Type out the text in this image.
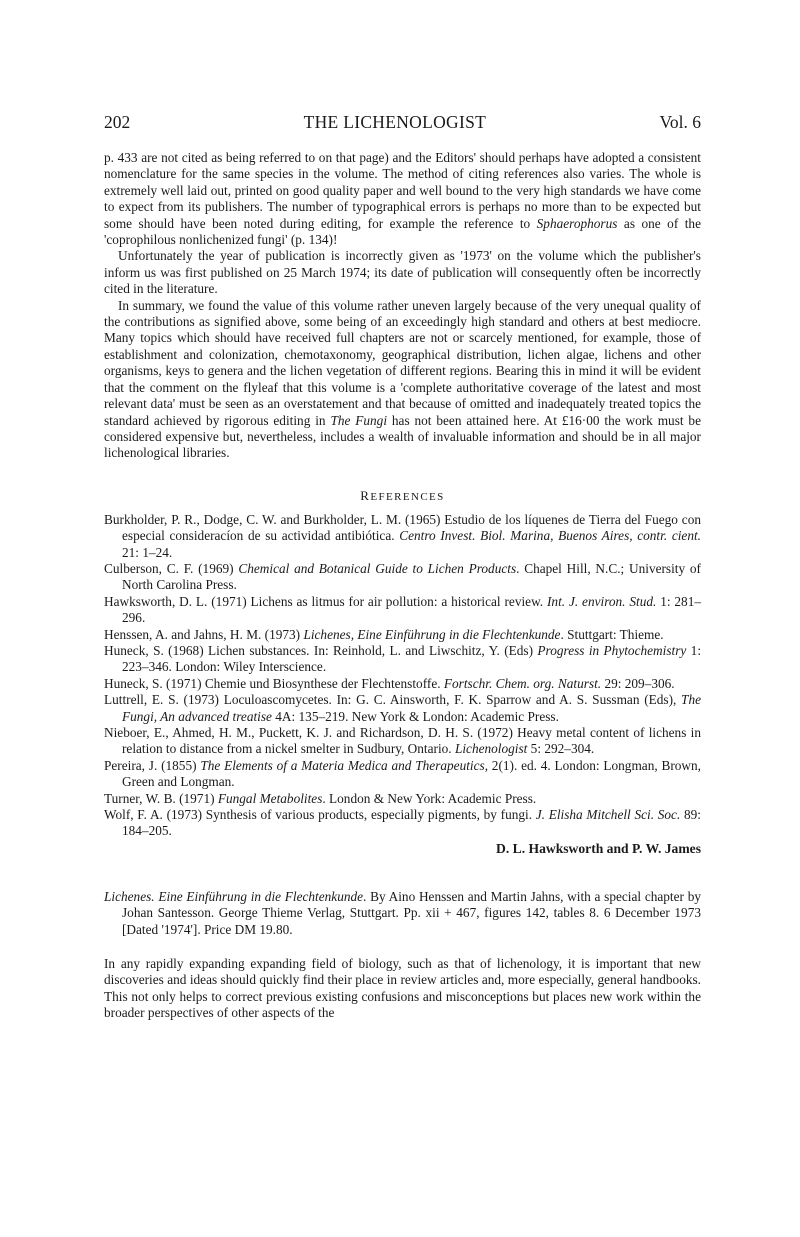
202	THE LICHENOLOGIST	Vol. 6

p. 433 are not cited as being referred to on that page) and the Editors' should perhaps have adopted a consistent nomenclature for the same species in the volume. The method of citing references also varies. The whole is extremely well laid out, printed on good quality paper and well bound to the very high standards we have come to expect from its publishers. The number of typographical errors is perhaps no more than to be expected but some should have been noted during editing, for example the reference to Sphaerophorus as one of the 'coprophilous nonlichenized fungi' (p. 134)!

Unfortunately the year of publication is incorrectly given as '1973' on the volume which the publisher's inform us was first published on 25 March 1974; its date of publication will consequently often be incorrectly cited in the literature.

In summary, we found the value of this volume rather uneven largely because of the very unequal quality of the contributions as signified above, some being of an exceedingly high standard and others at best mediocre. Many topics which should have received full chapters are not or scarcely mentioned, for example, those of establishment and colonization, chemotaxonomy, geographical distribution, lichen algae, lichens and other organisms, keys to genera and the lichen vegetation of different regions. Bearing this in mind it will be evident that the comment on the flyleaf that this volume is a 'complete authoritative coverage of the latest and most relevant data' must be seen as an overstatement and that because of omitted and inadequately treated topics the standard achieved by rigorous editing in The Fungi has not been attained here. At £16·00 the work must be considered expensive but, nevertheless, includes a wealth of invaluable information and should be in all major lichenological libraries.

REFERENCES
Burkholder, P. R., Dodge, C. W. and Burkholder, L. M. (1965) Estudio de los líquenes de Tierra del Fuego con especial consideracíon de su actividad antibiótica. Centro Invest. Biol. Marina, Buenos Aires, contr. cient. 21: 1–24.
Culberson, C. F. (1969) Chemical and Botanical Guide to Lichen Products. Chapel Hill, N.C.; University of North Carolina Press.
Hawksworth, D. L. (1971) Lichens as litmus for air pollution: a historical review. Int. J. environ. Stud. 1: 281–296.
Henssen, A. and Jahns, H. M. (1973) Lichenes, Eine Einführung in die Flechtenkunde. Stuttgart: Thieme.
Huneck, S. (1968) Lichen substances. In: Reinhold, L. and Liwschitz, Y. (Eds) Progress in Phytochemistry 1: 223–346. London: Wiley Interscience.
Huneck, S. (1971) Chemie und Biosynthese der Flechtenstoffe. Fortschr. Chem. org. Naturst. 29: 209–306.
Luttrell, E. S. (1973) Loculoascomycetes. In: G. C. Ainsworth, F. K. Sparrow and A. S. Sussman (Eds), The Fungi, An advanced treatise 4A: 135–219. New York & London: Academic Press.
Nieboer, E., Ahmed, H. M., Puckett, K. J. and Richardson, D. H. S. (1972) Heavy metal content of lichens in relation to distance from a nickel smelter in Sudbury, Ontario. Lichenologist 5: 292–304.
Pereira, J. (1855) The Elements of a Materia Medica and Therapeutics, 2(1). ed. 4. London: Longman, Brown, Green and Longman.
Turner, W. B. (1971) Fungal Metabolites. London & New York: Academic Press.
Wolf, F. A. (1973) Synthesis of various products, especially pigments, by fungi. J. Elisha Mitchell Sci. Soc. 89: 184–205.
D. L. Hawksworth and P. W. James
Lichenes. Eine Einführung in die Flechtenkunde. By Aino Henssen and Martin Jahns, with a special chapter by Johan Santesson. George Thieme Verlag, Stuttgart. Pp. xii + 467, figures 142, tables 8. 6 December 1973 [Dated '1974']. Price DM 19.80.

In any rapidly expanding expanding field of biology, such as that of lichenology, it is important that new discoveries and ideas should quickly find their place in review articles and, more especially, general handbooks. This not only helps to correct previous existing confusions and misconceptions but places new work within the broader perspectives of other aspects of the
